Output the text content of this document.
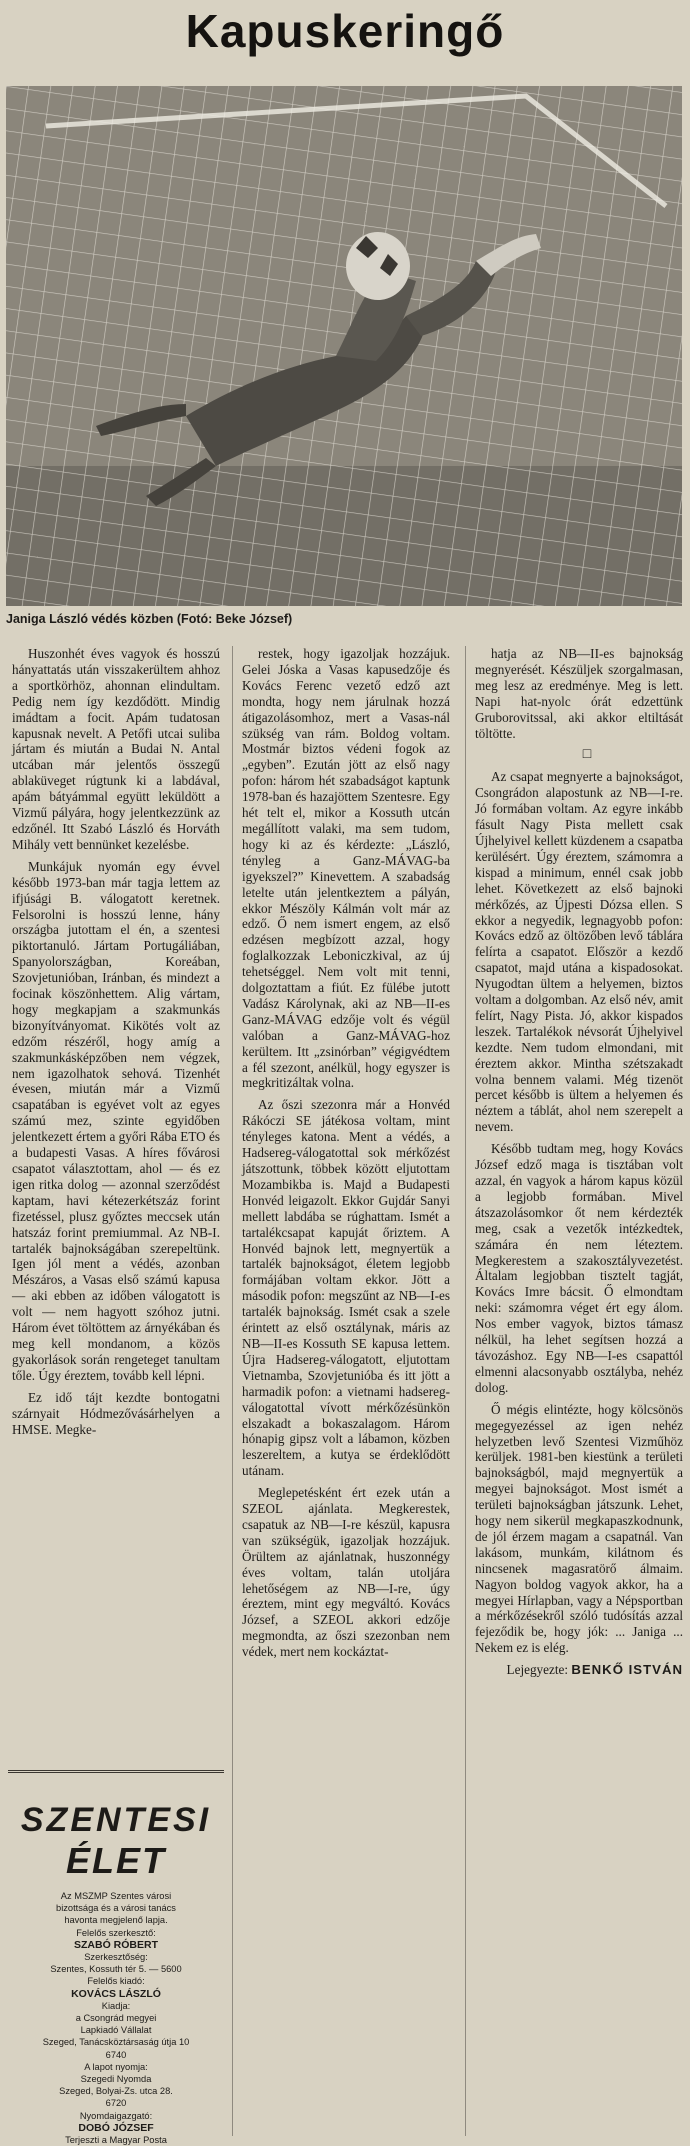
Kapuskeringő
Janiga László védés közben (Fotó: Beke József)

Huszonhét éves vagyok és hosszú hányattatás után visszakerültem ahhoz a sportkörhöz, ahonnan elindultam. Pedig nem így kezdődött. Mindig imádtam a focit. Apám tudatosan kapusnak nevelt. A Petőfi utcai suliba jártam és miután a Budai N. Antal utcában már jelentős összegű ablaküveget rúgtunk ki a labdával, apám bátyámmal együtt leküldött a Vizmű pályára, hogy jelentkezzünk az edzőnél. Itt Szabó László és Horváth Mihály vett bennünket kezelésbe.

Munkájuk nyomán egy évvel később 1973-ban már tagja lettem az ifjúsági B. válogatott keretnek. Felsorolni is hosszú lenne, hány országba jutottam el én, a szentesi piktortanuló. Jártam Portugáliában, Spanyolországban, Koreában, Szovjetunióban, Iránban, és mindezt a focinak köszönhettem. Alig vártam, hogy megkapjam a szakmunkás bizonyítványomat. Kikötés volt az edzőm részéről, hogy amíg a szakmunkásképzőben nem végzek, nem igazolhatok sehová. Tizenhét évesen, miután már a Vizmű csapatában is egyévet volt az egyes számú mez, szinte egyidőben jelentkezett értem a győri Rába ETO és a budapesti Vasas. A híres fővárosi csapatot választottam, ahol — és ez igen ritka dolog — azonnal szerződést kaptam, havi kétezerkétszáz forint fizetéssel, plusz győztes meccsek után hatszáz forint premiummal. Az NB-I. tartalék bajnokságában szerepeltünk. Igen jól ment a védés, azonban Mészáros, a Vasas első számú kapusa — aki ebben az időben válogatott is volt — nem hagyott szóhoz jutni. Három évet töltöttem az árnyékában és meg kell mondanom, a közös gyakorlások során rengeteget tanultam tőle. Úgy éreztem, tovább kell lépni.

Ez idő tájt kezdte bontogatni szárnyait Hódmezővásárhelyen a HMSE. Megke-

restek, hogy igazoljak hozzájuk. Gelei Jóska a Vasas kapusedzője és Kovács Ferenc vezető edző azt mondta, hogy nem járulnak hozzá átigazolásomhoz, mert a Vasas-nál szükség van rám. Boldog voltam. Mostmár biztos védeni fogok az „egyben”. Ezután jött az első nagy pofon: három hét szabadságot kaptunk 1978-ban és hazajöttem Szentesre. Egy hét telt el, mikor a Kossuth utcán megállított valaki, ma sem tudom, hogy ki az és kérdezte: „László, tényleg a Ganz-MÁVAG-ba igyekszel?” Kinevettem. A szabadság letelte után jelentkeztem a pályán, ekkor Mészöly Kálmán volt már az edző. Ő nem ismert engem, az első edzésen megbízott azzal, hogy foglalkozzak Leboniczkival, az új tehetséggel. Nem volt mit tenni, dolgoztattam a fiút. Ez fülébe jutott Vadász Károlynak, aki az NB—II-es Ganz-MÁVAG edzője volt és végül valóban a Ganz-MÁVAG-hoz kerültem. Itt „zsinórban” végigvédtem a fél szezont, anélkül, hogy egyszer is megkritizáltak volna.

Az őszi szezonra már a Honvéd Rákóczi SE játékosa voltam, mint tényleges katona. Ment a védés, a Hadsereg-válogatottal sok mérkőzést játszottunk, többek között eljutottam Mozambikba is. Majd a Budapesti Honvéd leigazolt. Ekkor Gujdár Sanyi mellett labdába se rúghattam. Ismét a tartalékcsapat kapuját őriztem. A Honvéd bajnok lett, megnyertük a tartalék bajnokságot, életem legjobb formájában voltam ekkor. Jött a második pofon: megszűnt az NB—I-es tartalék bajnokság. Ismét csak a szele érintett az első osztálynak, máris az NB—II-es Kossuth SE kapusa lettem. Újra Hadsereg-válogatott, eljutottam Vietnamba, Szovjetunióba és itt jött a harmadik pofon: a vietnami hadsereg-válogatottal vívott mérkőzésünkön elszakadt a bokaszalagom. Három hónapig gipsz volt a lábamon, közben leszereltem, a kutya se érdeklődött utánam.

Meglepetésként ért ezek után a SZEOL ajánlata. Megkerestek, csapatuk az NB—I-re készül, kapusra van szükségük, igazoljak hozzájuk. Örültem az ajánlatnak, huszonnégy éves voltam, talán utoljára lehetőségem az NB—I-re, úgy éreztem, mint egy megváltó. Kovács József, a SZEOL akkori edzője megmondta, az őszi szezonban nem védek, mert nem kockáztat-

hatja az NB—II-es bajnokság megnyerését. Készüljek szorgalmasan, meg lesz az eredménye. Meg is lett. Napi hat-nyolc órát edzettünk Gruborovitssal, aki akkor eltiltását töltötte.

□

Az csapat megnyerte a bajnokságot, Csongrádon alapostunk az NB—I-re. Jó formában voltam. Az egyre inkább fásult Nagy Pista mellett csak Újhelyivel kellett küzdenem a csapatba kerülésért. Úgy éreztem, számomra a kispad a minimum, ennél csak jobb lehet. Következett az első bajnoki mérkőzés, az Újpesti Dózsa ellen. S ekkor a negyedik, legnagyobb pofon: Kovács edző az öltözőben levő táblára felírta a csapatot. Először a kezdő csapatot, majd utána a kispadosokat. Nyugodtan ültem a helyemen, biztos voltam a dolgomban. Az első név, amit felírt, Nagy Pista. Jó, akkor kispados leszek. Tartalékok névsorát Újhelyivel kezdte. Nem tudom elmondani, mit éreztem akkor. Mintha szétszakadt volna bennem valami. Még tizenöt percet később is ültem a helyemen és néztem a táblát, ahol nem szerepelt a nevem.

Később tudtam meg, hogy Kovács József edző maga is tisztában volt azzal, én vagyok a három kapus közül a legjobb formában. Mivel átszazolásomkor őt nem kérdezték meg, csak a vezetők intézkedtek, számára én nem léteztem. Megkerestem a szakosztályvezetést. Általam legjobban tisztelt tagját, Kovács Imre bácsit. Ő elmondtam neki: számomra véget ért egy álom. Nos ember vagyok, biztos támasz nélkül, ha lehet segítsen hozzá a távozáshoz. Egy NB—I-es csapattól elmenni alacsonyabb osztályba, nehéz dolog.

Ő mégis elintézte, hogy kölcsönös megegyezéssel az igen nehéz helyzetben levő Szentesi Vizműhöz kerüljek. 1981-ben kiestünk a területi bajnokságból, majd megnyertük a megyei bajnokságot. Most ismét a területi bajnokságban játszunk. Lehet, hogy nem sikerül megkapaszkodnunk, de jól érzem magam a csapatnál. Van lakásom, munkám, kilátnom és nincsenek magasratörő álmaim. Nagyon boldog vagyok akkor, ha a megyei Hírlapban, vagy a Népsportban a mérkőzésekről szóló tudósítás azzal fejeződik be, hogy jók: ... Janiga ... Nekem ez is elég.

Lejegyezte: BENKŐ ISTVÁN

SZENTESI
ÉLET
Az MSZMP Szentes városi
bizottsága és a városi tanács
havonta megjelenő lapja.
Felelős szerkesztő:
SZABÓ RÓBERT
Szerkesztőség:
Szentes, Kossuth tér 5. — 5600
Felelős kiadó:
KOVÁCS LÁSZLÓ
Kiadja:
a Csongrád megyei
Lapkiadó Vállalat
Szeged, Tanácsköztársaság útja 10
6740
A lapot nyomja:
Szegedi Nyomda
Szeged, Bolyai-Zs. utca 28.
6720
Nyomdaigazgató:
DOBÓ JÓZSEF
Terjeszti a Magyar Posta
